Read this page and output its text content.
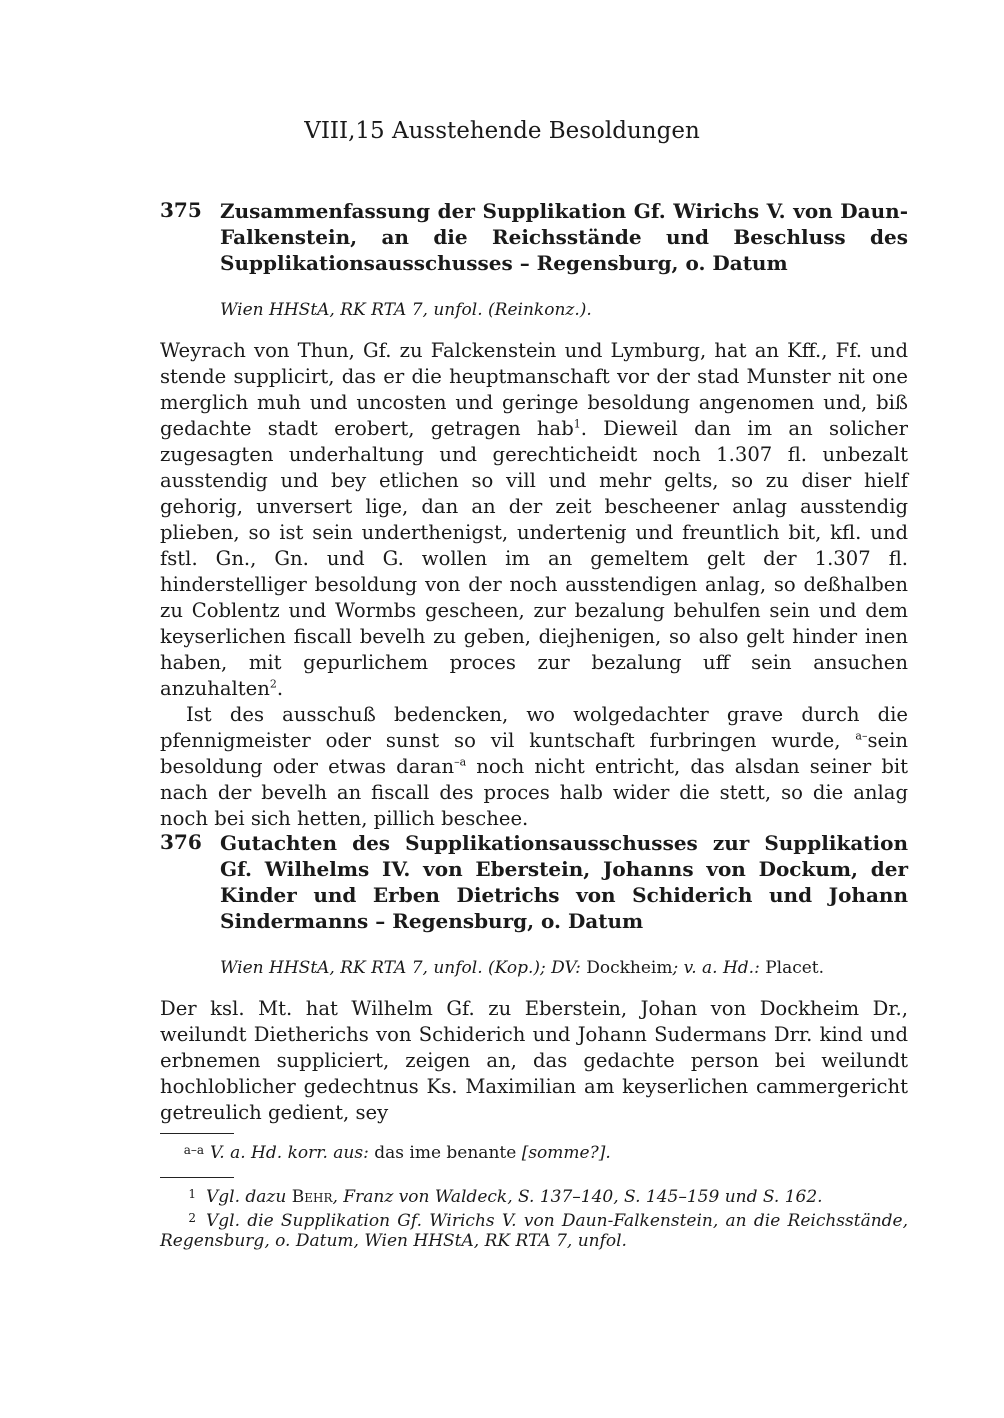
VIII,15 Ausstehende Besoldungen
375 Zusammenfassung der Supplikation Gf. Wirichs V. von Daun-Falkenstein, an die Reichsstände und Beschluss des Supplikationsausschusses – Regensburg, o. Datum
Wien HHStA, RK RTA 7, unfol. (Reinkonz.).

Weyrach von Thun, Gf. zu Falckenstein und Lymburg, hat an Kff., Ff. und stende supplicirt, das er die heuptmanschaft vor der stad Munster nit one merglich muh und uncosten und geringe besoldung angenomen und, biß gedachte stadt erobert, getragen hab$^1$. Dieweil dan im an solicher zugesagten underhaltung und gerechticheidt noch 1.307 fl. unbezalt ausstendig und bey etlichen so vill und mehr gelts, so zu diser hielf gehorig, unversert lige, dan an der zeit bescheener anlag ausstendig plieben, so ist sein underthenigst, undertenig und freuntlich bit, kfl. und fstl. Gn., Gn. und G. wollen im an gemeltem gelt der 1.307 fl. hinderstelliger besoldung von der noch ausstendigen anlag, so deßhalben zu Coblentz und Wormbs gescheen, zur bezalung behulfen sein und dem keyserlichen fiscall bevelh zu geben, diejhenigen, so also gelt hinder inen haben, mit gepurlichem proces zur bezalung uff sein ansuchen anzuhalten$^2$.

Ist des ausschuß bedencken, wo wolgedachter grave durch die pfennigmeister oder sunst so vil kuntschaft furbringen wurde, $^{a-}$sein besoldung oder etwas daran$^{-a}$ noch nicht entricht, das alsdan seiner bit nach der bevelh an fiscall des proces halb wider die stett, so die anlag noch bei sich hetten, pillich beschee.

376 Gutachten des Supplikationsausschusses zur Supplikation Gf. Wilhelms IV. von Eberstein, Johanns von Dockum, der Kinder und Erben Dietrichs von Schiderich und Johann Sindermanns – Regensburg, o. Datum
Wien HHStA, RK RTA 7, unfol. (Kop.); DV: Dockheim; v. a. Hd.: Placet.

Der ksl. Mt. hat Wilhelm Gf. zu Eberstein, Johan von Dockheim Dr., weilundt Dietherichs von Schiderich und Johann Sudermans Drr. kind und erbnemen suppliciert, zeigen an, das gedachte person bei weilundt hochloblicher gedechtnus Ks. Maximilian am keyserlichen cammergericht getreulich gedient, sey

a–a V. a. Hd. korr. aus: das ime benante [somme?].
1 Vgl. dazu Behr, Franz von Waldeck, S. 137–140, S. 145–159 und S. 162.
2 Vgl. die Supplikation Gf. Wirichs V. von Daun-Falkenstein, an die Reichsstände, Regensburg, o. Datum, Wien HHStA, RK RTA 7, unfol.
